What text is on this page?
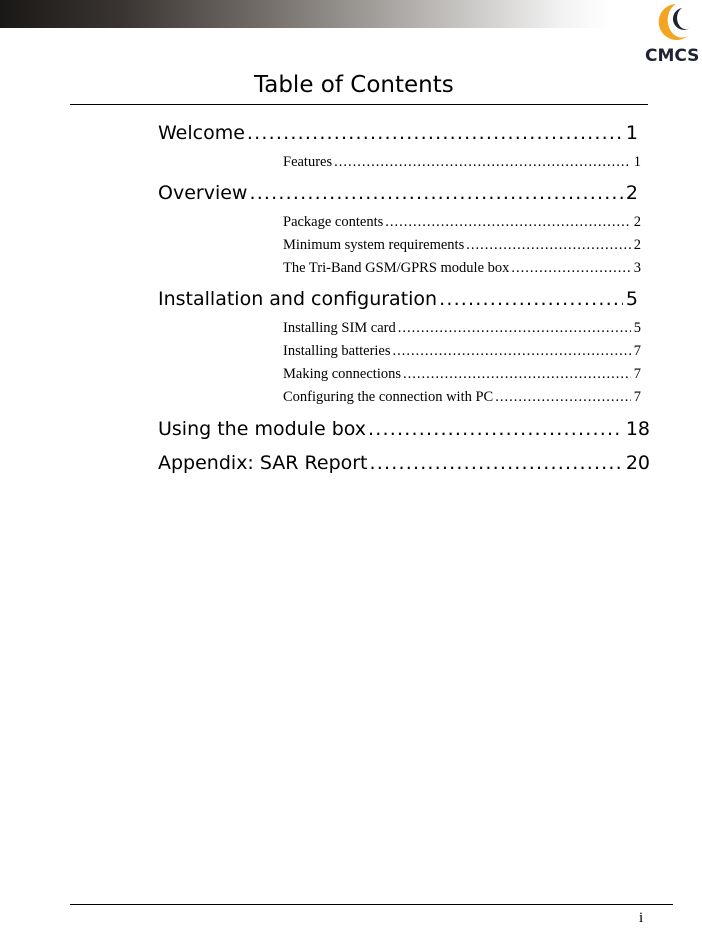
CMCS
Table of Contents
Welcome .....	1
Features .....	1
Overview .....	2
Package contents .....	2
Minimum system requirements .....	2
The Tri-Band GSM/GPRS module box .....	3
Installation and configuration .....	5
Installing SIM card .....	5
Installing batteries .....	7
Making connections .....	7
Configuring the connection with PC .....	7
Using the module box .....	18
Appendix: SAR Report .....	20
i
